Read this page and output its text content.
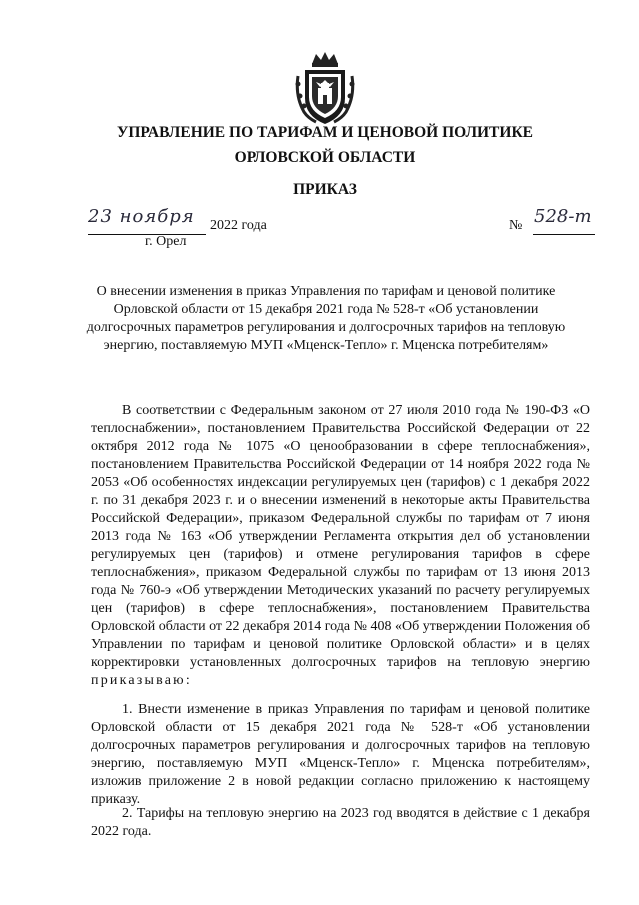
УПРАВЛЕНИЕ ПО ТАРИФАМ И ЦЕНОВОЙ ПОЛИТИКЕ

ОРЛОВСКОЙ ОБЛАСТИ

ПРИКАЗ

23 ноября 2022 года
г. Орел
№ 528-т

О внесении изменения в приказ Управления по тарифам и ценовой политике Орловской области от 15 декабря 2021 года № 528-т «Об установлении долгосрочных параметров регулирования и долгосрочных тарифов на тепловую энергию, поставляемую МУП «Мценск-Тепло» г. Мценска потребителям»

В соответствии с Федеральным законом от 27 июля 2010 года № 190-ФЗ «О теплоснабжении», постановлением Правительства Российской Федерации от 22 октября 2012 года № 1075 «О ценообразовании в сфере теплоснабжения», постановлением Правительства Российской Федерации от 14 ноября 2022 года № 2053 «Об особенностях индексации регулируемых цен (тарифов) с 1 декабря 2022 г. по 31 декабря 2023 г. и о внесении изменений в некоторые акты Правительства Российской Федерации», приказом Федеральной службы по тарифам от 7 июня 2013 года № 163 «Об утверждении Регламента открытия дел об установлении регулируемых цен (тарифов) и отмене регулирования тарифов в сфере теплоснабжения», приказом Федеральной службы по тарифам от 13 июня 2013 года № 760-э «Об утверждении Методических указаний по расчету регулируемых цен (тарифов) в сфере теплоснабжения», постановлением Правительства Орловской области от 22 декабря 2014 года № 408 «Об утверждении Положения об Управлении по тарифам и ценовой политике Орловской области» и в целях корректировки установленных долгосрочных тарифов на тепловую энергию приказываю:

1. Внести изменение в приказ Управления по тарифам и ценовой политике Орловской области от 15 декабря 2021 года № 528-т «Об установлении долгосрочных параметров регулирования и долгосрочных тарифов на тепловую энергию, поставляемую МУП «Мценск-Тепло» г. Мценска потребителям», изложив приложение 2 в новой редакции согласно приложению к настоящему приказу.

2. Тарифы на тепловую энергию на 2023 год вводятся в действие с 1 декабря 2022 года.
